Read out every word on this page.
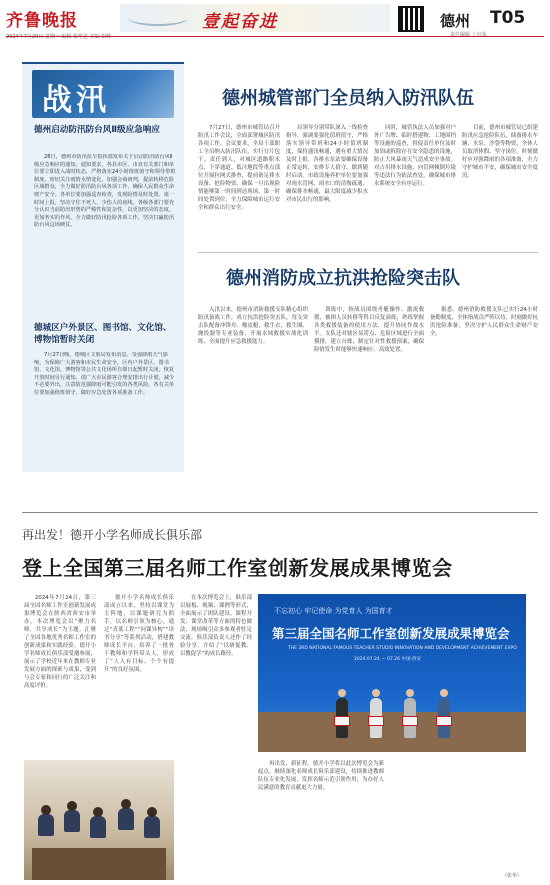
齐鲁晚报
2024年7月29日 星期一 编辑 张华芝 美编 彭辉
壹起奋进	德州 T05
责任编辑 上官荣
战汛
德州启动防汛防台风Ⅱ级应急响应
28日，德州市防汛抗旱指挥部发布关于启动防汛防台风Ⅱ级应急响应的通知。通知要求，各县市区、市直有关部门和单位要立即进入战时状态，严格落实24小时值班值守和领导带班制度，密切关注雨情水情变化，加强会商研判，提前转移危险区域群众，全力做好防汛防台风各项工作，确保人民群众生命财产安全。各单位要加强巡查检查，发现险情及时处置、第一时间上报，坚决守住不死人、少伤人的底线。各级各部门要充分认识当前防汛形势的严峻性和复杂性，以更加坚决的态度、更加务实的作风，全力做好防汛抢险各项工作，坚决打赢防汛防台风这场硬仗。
德城区户外景区、图书馆、文化馆、博物馆暂时关闭
7月27日晚，德城区文旅局发布消息，受强降雨天气影响，为保障广大游客和市民生命安全，区内户外景区、图书馆、文化馆、博物馆等公共文化场所自即日起暂时关闭，恢复开放时间另行通知。请广大市民游客合理安排出行计划，减少不必要外出，注意防范强降雨可能引发的各类风险。各有关单位要加强值班值守，做好应急处置各项准备工作。
德州城管部门全员纳入防汛队伍
7月27日，德州市城管局召开防汛工作会议，全面部署城区防汛各项工作。会议要求，全局干部职工全员纳入防汛队伍，实行分片包干、责任到人，对城区道路积水点、下穿通道、低洼地段等重点部位开展拉网式排查，提前备足排水设备、抢险物资，确保一旦出现险情能够第一时间到达现场、第一时间处置到位，全力保障城市运行安全和群众出行安全。
局领导分别带队深入一线检查指导，强调要强化值班值守，严格落实领导带班和24小时值班制度，保持通讯畅通，遇有重大情况及时上报。各排水泵站要确保设备正常运转，安排专人值守，做到随时启动。市政设施养护单位要加强对雨水管网、雨水口的清掏疏通，确保排水畅通，最大限度减少积水对市民出行的影响。
同时，城管执法人员加强对户外广告牌、临时搭建物、工地围挡等设施的巡查，督促责任单位及时加固或拆除存在安全隐患的设施，防止大风暴雨天气造成安全事故。对占用排水设施、向管网倾倒垃圾等违法行为依法查处，确保城市排水系统安全有序运行。
目前，德州市城管局已组建防汛应急抢险队伍，储备排水车辆、水泵、沙袋等物资，全体人员取消休假、坚守岗位，时刻做好应对强降雨的各项准备，全力守护城市平安，确保城市安全度汛。
德州消防成立抗洪抢险突击队
入汛以来，德州市消防救援支队精心组织防汛备战工作，成立抗洪抢险突击队，每支突击队配备冲锋舟、橡皮艇、救生衣、救生圈、抛投器等专业装备，开展水域救援实战化训练，全面提升应急救援能力。
训练中，指战员围绕舟艇操作、激流救援、被困人员转移等科目反复演练，熟练掌握各类救援装备的使用方法，提升协同作战水平。支队还对辖区易涝点、危险区域进行全面摸排，建立台账，制定针对性救援预案，确保险情发生时能够快速响应、高效处置。
据悉，德州消防救援支队已实行24小时备勤制度，全体指战员严阵以待，时刻做好抗洪抢险准备，坚决守护人民群众生命财产安全。
再出发！德开小学名师成长俱乐部
登上全国第三届名师工作室创新发展成果博览会
2024年7月24日，第三届全国名师工作室创新发展成果博览会在陕西省西安市举办。本次博览会以“聚力名师，共享成长”为主题，汇聚了全国各地优秀名师工作室的创新成果和实践经验。德开小学名师成长俱乐部受邀参展，展示了学校近年来在教师专业发展方面的探索与成果，受到与会专家和同行的广泛关注和高度评价。
德开小学名师成长俱乐部成立以来，坚持以课堂为主阵地，以课题研究为抓手，以名师引领为核心，通过“青蓝工程”“同课异构”“读书分享”等系列活动，搭建教师成长平台，培养了一批骨干教师和学科带头人，形成了“人人有目标、个个有提升”的良好氛围。
在本次博览会上，俱乐部以展板、视频、课例等形式，全面展示了团队建设、课程开发、课堂改革等方面的特色做法，现场吸引众多参观者驻足交流。俱乐部负责人还作了经验分享，介绍了“以研促教、以教促学”的成长路径。
不忘初心 牢记使命 为党育人 为国育才
第三届全国名师工作室创新发展成果博览会
THE 3RD NATIONAL FAMOUS TEACHER STUDIO INNOVATION AND DEVELOPMENT ACHIEVEMENT EXPO
2024.07.24 — 07.26 中国·西安
再出发，新征程。德开小学将以此次博览会为新起点，继续深化名师成长俱乐部建设，持续推进教师队伍专业化发展，发挥名师示范引领作用，为办好人民满意的教育贡献更大力量。
（张华）
